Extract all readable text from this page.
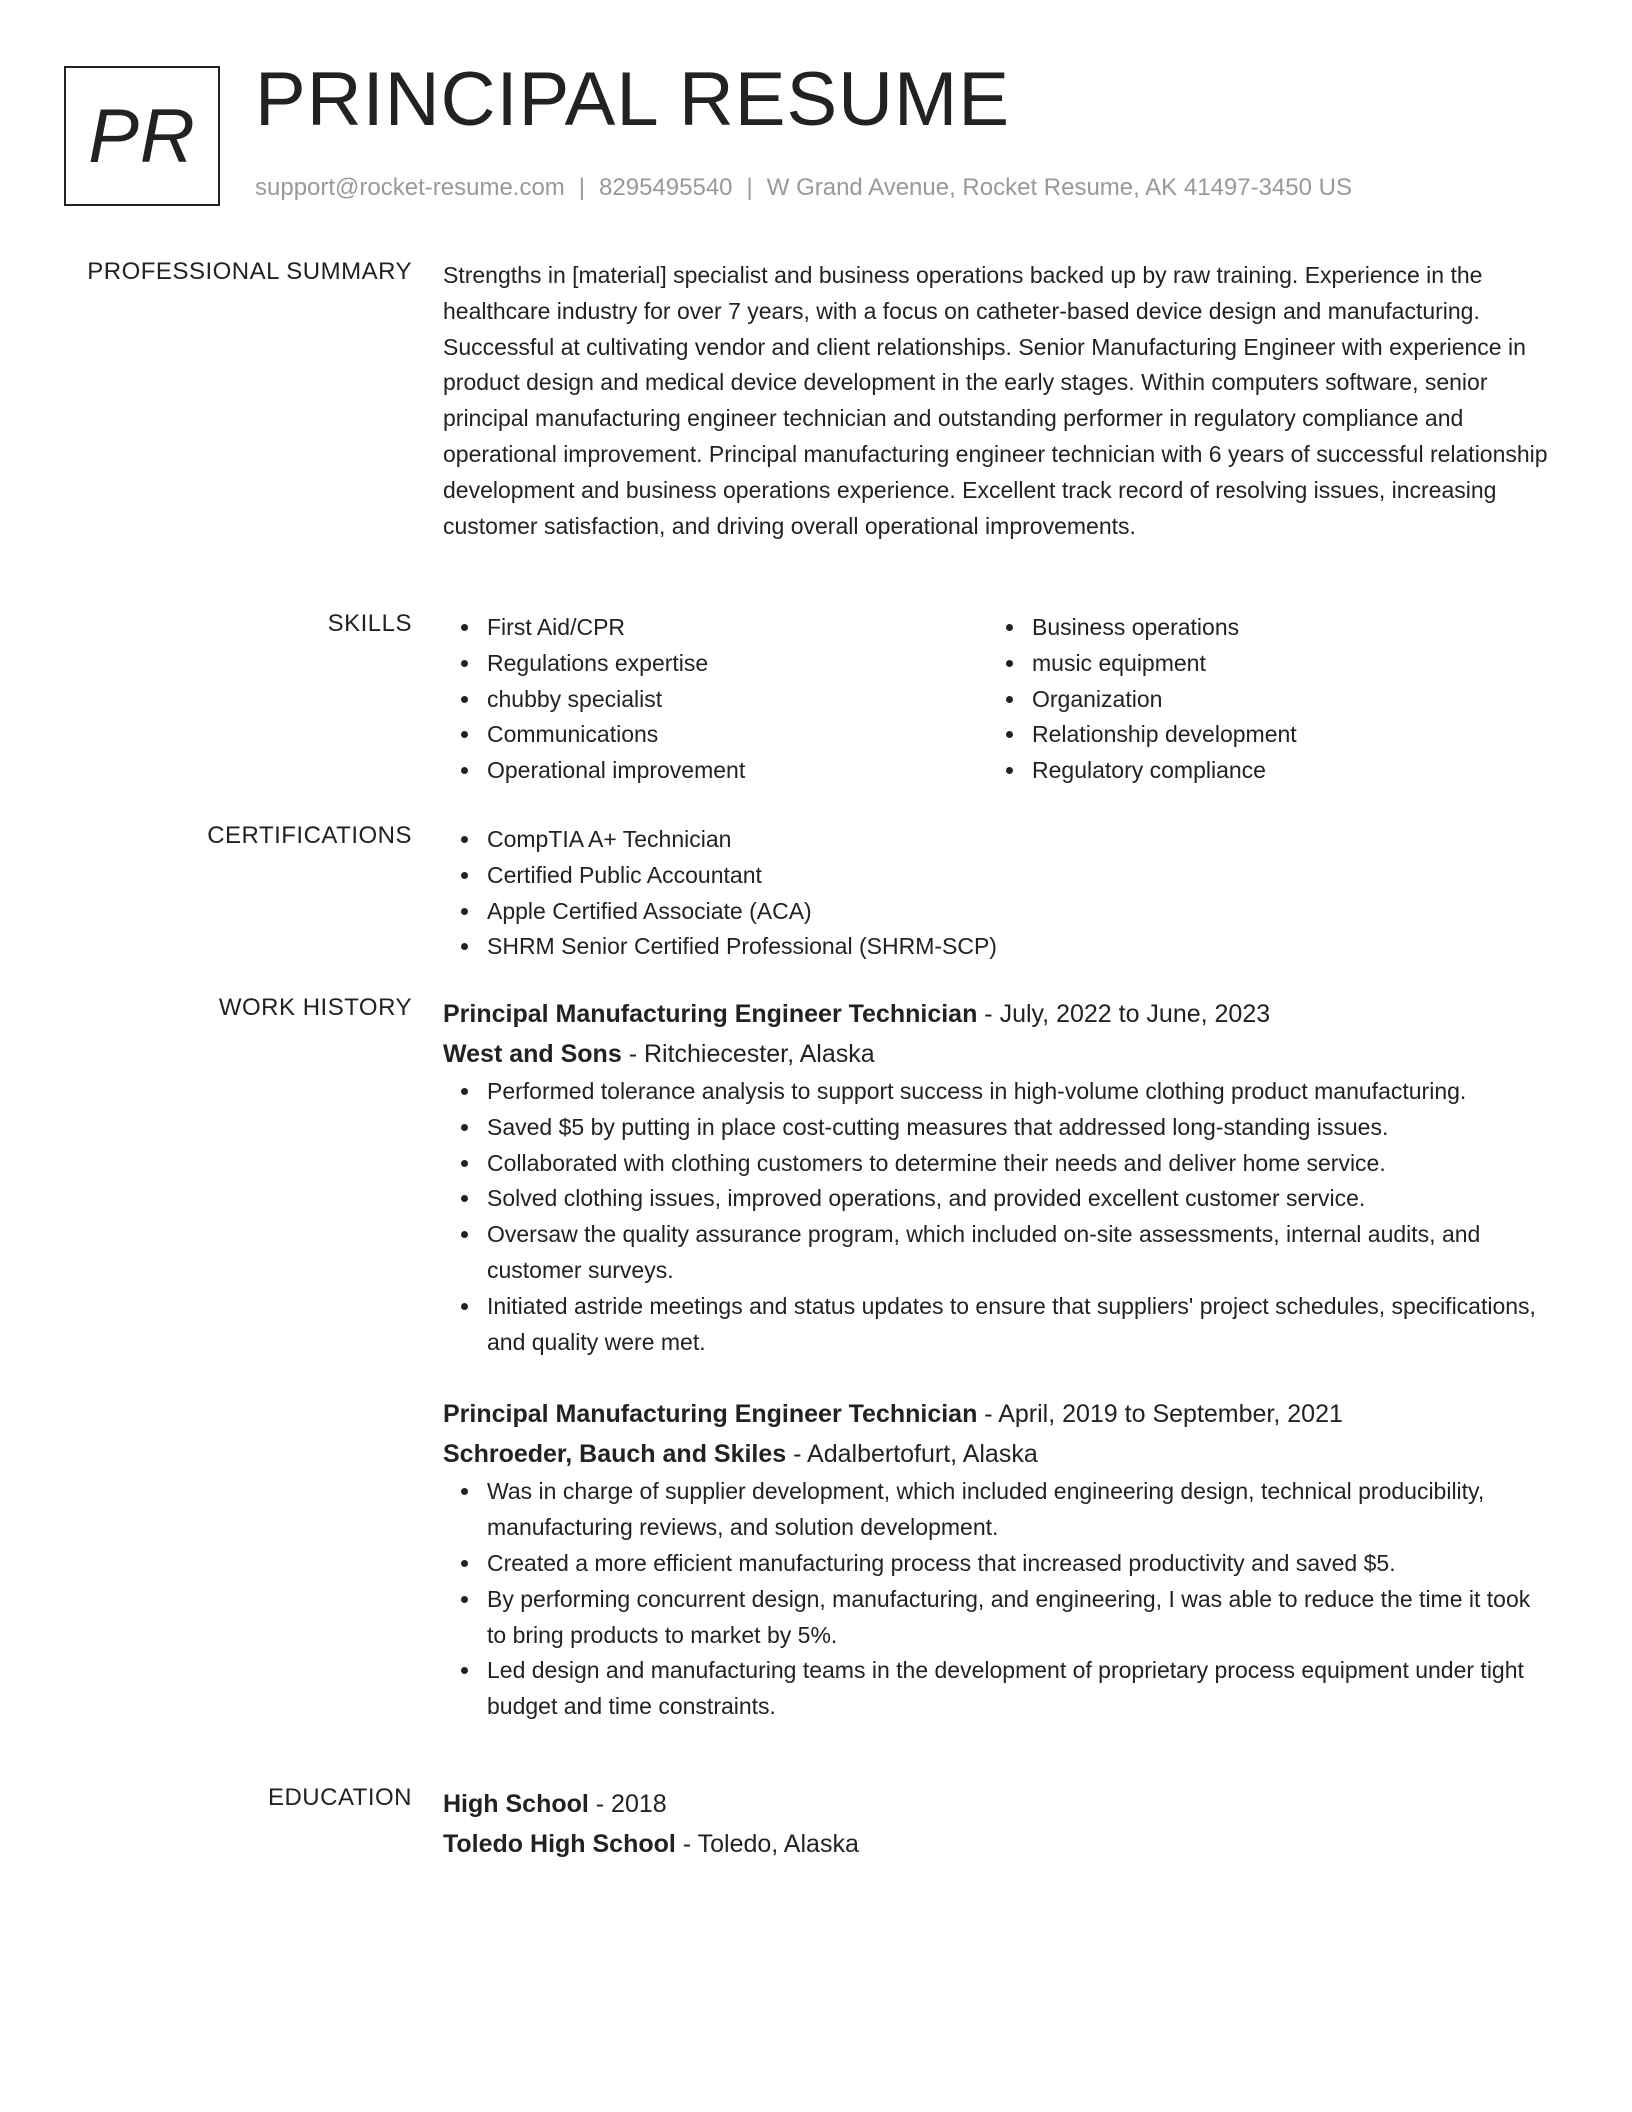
PR PRINCIPAL RESUME
support@rocket-resume.com | 8295495540 | W Grand Avenue, Rocket Resume, AK 41497-3450 US
PROFESSIONAL SUMMARY Strengths in [material] specialist and business operations backed up by raw training. Experience in the healthcare industry for over 7 years, with a focus on catheter-based device design and manufacturing. Successful at cultivating vendor and client relationships. Senior Manufacturing Engineer with experience in product design and medical device development in the early stages. Within computers software, senior principal manufacturing engineer technician and outstanding performer in regulatory compliance and operational improvement. Principal manufacturing engineer technician with 6 years of successful relationship development and business operations experience. Excellent track record of resolving issues, increasing customer satisfaction, and driving overall operational improvements.

SKILLS	First Aid/CPR
Regulations expertise
chubby specialist
Communications
Operational improvement
Business operations
music equipment
Organization
Relationship development
Regulatory compliance
CERTIFICATIONS	CompTIA A+ Technician
Certified Public Accountant
Apple Certified Associate (ACA)
SHRM Senior Certified Professional (SHRM-SCP)
WORK HISTORY Principal Manufacturing Engineer Technician - July, 2022 to June, 2023
West and Sons - Ritchiecester, Alaska
Performed tolerance analysis to support success in high-volume clothing product manufacturing.
Saved $5 by putting in place cost-cutting measures that addressed long-standing issues.
Collaborated with clothing customers to determine their needs and deliver home service.
Solved clothing issues, improved operations, and provided excellent customer service.
Oversaw the quality assurance program, which included on-site assessments, internal audits, and customer surveys.
Initiated astride meetings and status updates to ensure that suppliers' project schedules, specifications, and quality were met.
Principal Manufacturing Engineer Technician - April, 2019 to September, 2021
Schroeder, Bauch and Skiles - Adalbertofurt, Alaska
Was in charge of supplier development, which included engineering design, technical producibility, manufacturing reviews, and solution development.
Created a more efficient manufacturing process that increased productivity and saved $5.
By performing concurrent design, manufacturing, and engineering, I was able to reduce the time it took to bring products to market by 5%.
Led design and manufacturing teams in the development of proprietary process equipment under tight budget and time constraints.
EDUCATION High School - 2018
Toledo High School - Toledo, Alaska
